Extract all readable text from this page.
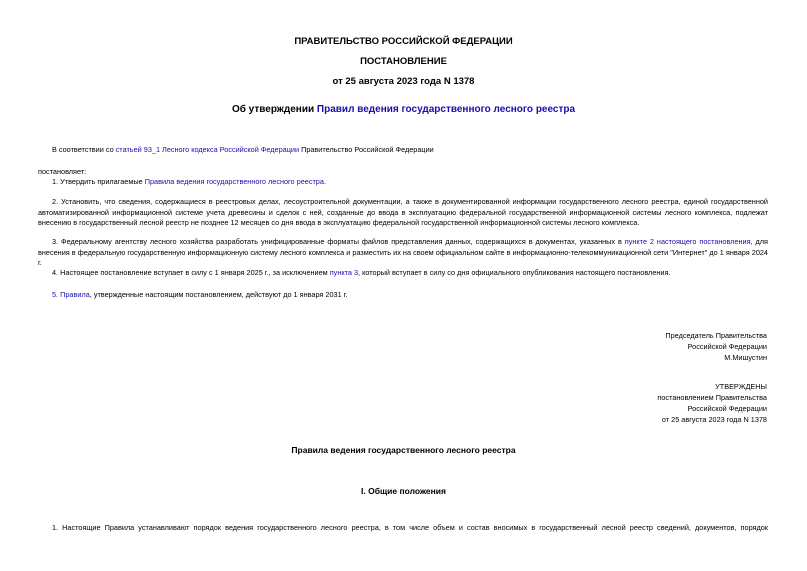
ПРАВИТЕЛЬСТВО РОССИЙСКОЙ ФЕДЕРАЦИИ
ПОСТАНОВЛЕНИЕ
от 25 августа 2023 года N 1378
Об утверждении Правил ведения государственного лесного реестра
В соответствии со статьей 93_1 Лесного кодекса Российской Федерации Правительство Российской Федерации
постановляет:
1. Утвердить прилагаемые Правила ведения государственного лесного реестра.
2. Установить, что сведения, содержащиеся в реестровых делах, лесоустроительной документации, а также в документированной информации государственного лесного реестра, единой государственной автоматизированной информационной системе учета древесины и сделок с ней, созданные до ввода в эксплуатацию федеральной государственной информационной системы лесного комплекса, подлежат внесению в государственный лесной реестр не позднее 12 месяцев со дня ввода в эксплуатацию федеральной государственной информационной системы лесного комплекса.
3. Федеральному агентству лесного хозяйства разработать унифицированные форматы файлов представления данных, содержащихся в документах, указанных в пункте 2 настоящего постановления, для внесения в федеральную государственную информационную систему лесного комплекса и разместить их на своем официальном сайте в информационно-телекоммуникационной сети "Интернет" до 1 января 2024 г.
4. Настоящее постановление вступает в силу с 1 января 2025 г., за исключением пункта 3, который вступает в силу со дня официального опубликования настоящего постановления.
5. Правила, утвержденные настоящим постановлением, действуют до 1 января 2031 г.
Председатель Правительства
Российской Федерации
М.Мишустин
УТВЕРЖДЕНЫ
постановлением Правительства
Российской Федерации
от 25 августа 2023 года N 1378
Правила ведения государственного лесного реестра
I. Общие положения
1. Настоящие Правила устанавливают порядок ведения государственного лесного реестра, в том числе объем и состав вносимых в государственный лесной реестр сведений, документов, порядок
